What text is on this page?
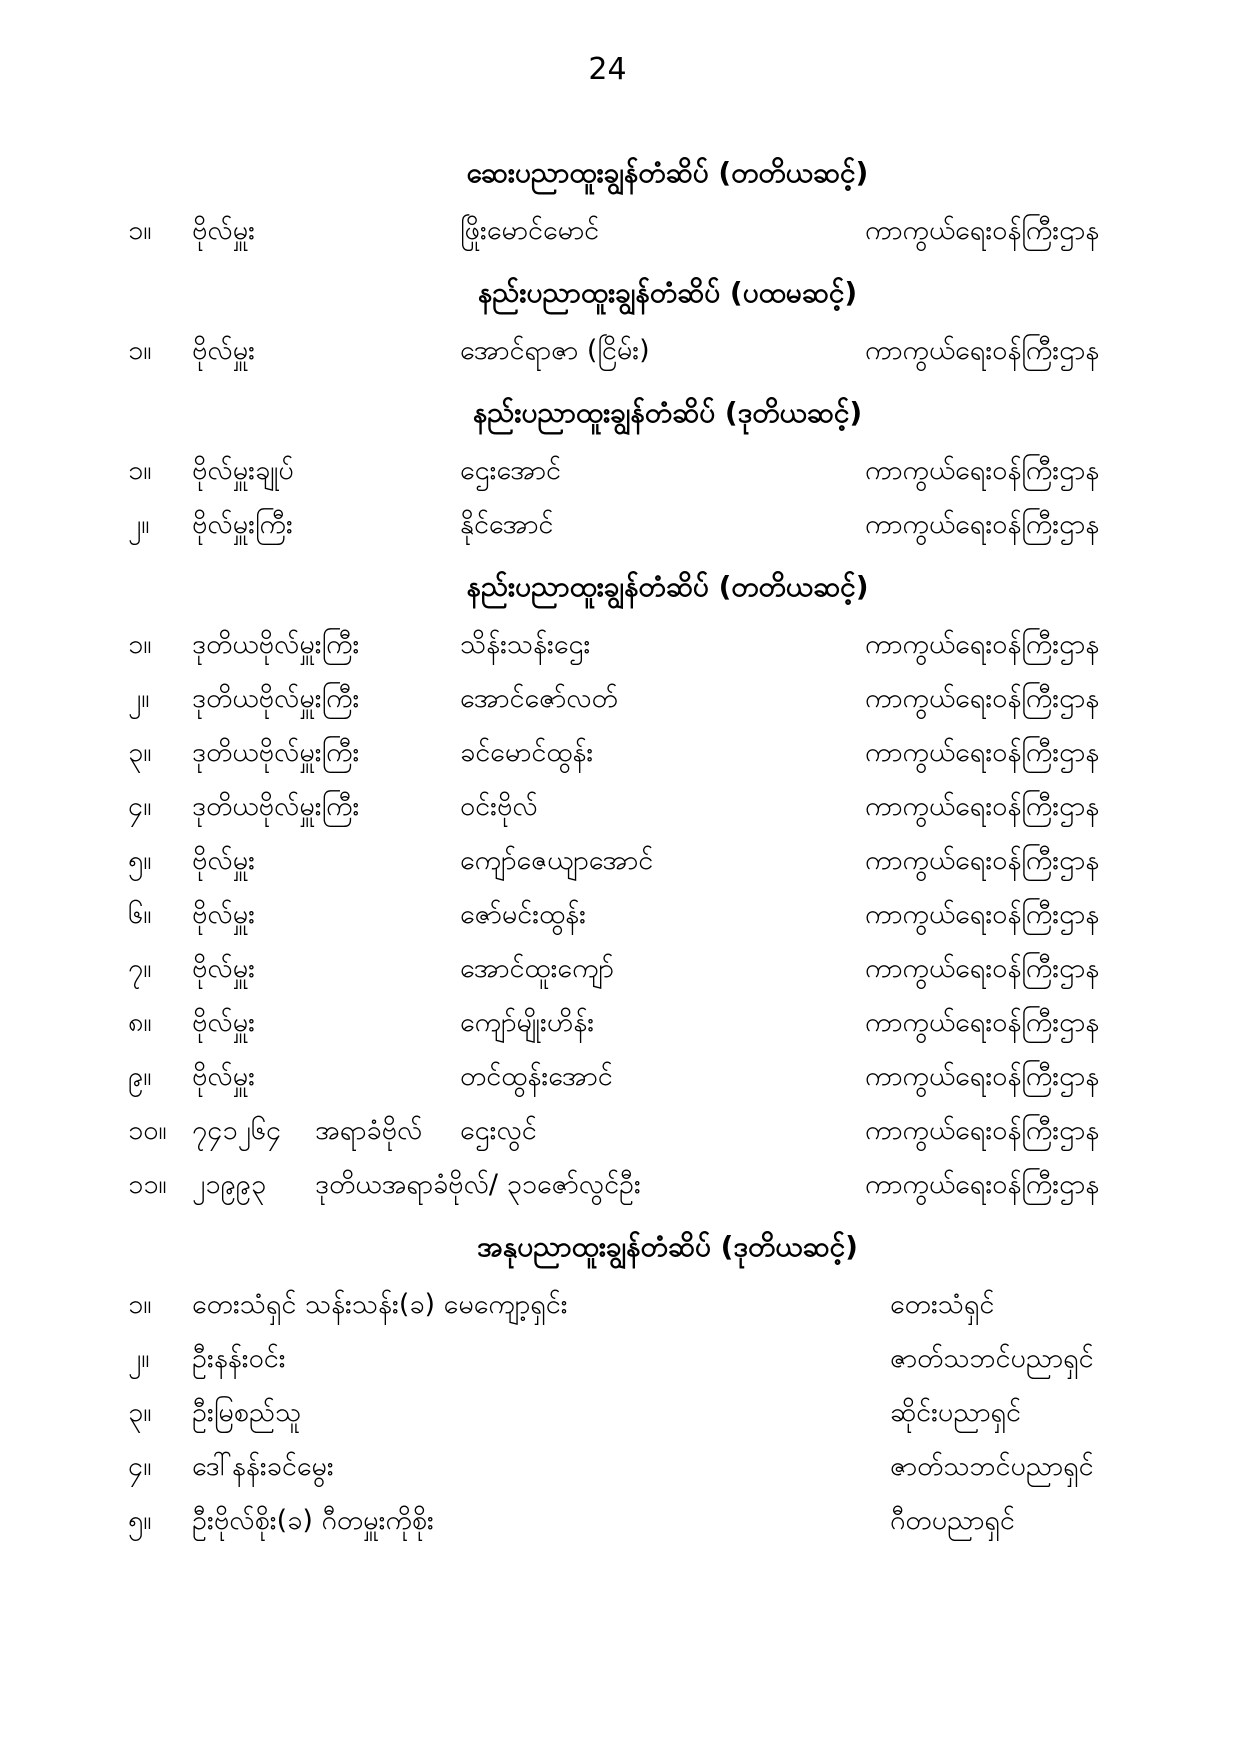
24
ဆေးပညာထူးချွန်တံဆိပ် (တတိယဆင့်)
၁။ ဗိုလ်မှူး	ဖြိုးမောင်မောင်	ကာကွယ်ရေးဝန်ကြီးဌာန
နည်းပညာထူးချွန်တံဆိပ် (ပထမဆင့်)
၁။ ဗိုလ်မှူး	အောင်ရာဇာ (ငြိမ်း)	ကာကွယ်ရေးဝန်ကြီးဌာန
နည်းပညာထူးချွန်တံဆိပ် (ဒုတိယဆင့်)
၁။ ဗိုလ်မှူးချုပ်	ဌေးအောင်	ကာကွယ်ရေးဝန်ကြီးဌာန
၂။ ဗိုလ်မှူးကြီး	နိုင်အောင်	ကာကွယ်ရေးဝန်ကြီးဌာန
နည်းပညာထူးချွန်တံဆိပ် (တတိယဆင့်)
၁။ ဒုတိယဗိုလ်မှူးကြီး	သိန်းသန်းဌေး	ကာကွယ်ရေးဝန်ကြီးဌာန
၂။ ဒုတိယဗိုလ်မှူးကြီး	အောင်ဇော်လတ်	ကာကွယ်ရေးဝန်ကြီးဌာန
၃။ ဒုတိယဗိုလ်မှူးကြီး	ခင်မောင်ထွန်း	ကာကွယ်ရေးဝန်ကြီးဌာန
၄။ ဒုတိယဗိုလ်မှူးကြီး	ဝင်းဗိုလ်	ကာကွယ်ရေးဝန်ကြီးဌာန
၅။ ဗိုလ်မှူး	ကျော်ဇေယျာအောင်	ကာကွယ်ရေးဝန်ကြီးဌာန
၆။ ဗိုလ်မှူး	ဇော်မင်းထွန်း	ကာကွယ်ရေးဝန်ကြီးဌာန
၇။ ဗိုလ်မှူး	အောင်ထူးကျော်	ကာကွယ်ရေးဝန်ကြီးဌာန
၈။ ဗိုလ်မှူး	ကျော်မျိုးဟိန်း	ကာကွယ်ရေးဝန်ကြီးဌာန
၉။ ဗိုလ်မှူး	တင်ထွန်းအောင်	ကာကွယ်ရေးဝန်ကြီးဌာန
၁၀။ ၇၄၁၂၆၄ အရာခံဗိုလ် ဌေးလွင်	ကာကွယ်ရေးဝန်ကြီးဌာန
၁၁။ ၂၁၉၉၃ ဒုတိယအရာခံဗိုလ်/ ၃၁ဇော်လွင်ဦး	ကာကွယ်ရေးဝန်ကြီးဌာန
အနုပညာထူးချွန်တံဆိပ် (ဒုတိယဆင့်)
၁။ တေးသံရှင် သန်းသန်း(ခ) မေကျော့ရှင်း	တေးသံရှင်
၂။ ဦးနန်းဝင်း	ဇာတ်သဘင်ပညာရှင်
၃။ ဦးမြစည်သူ	ဆိုင်းပညာရှင်
၄။ ဒေါ်နန်းခင်မွေး	ဇာတ်သဘင်ပညာရှင်
၅။ ဦးဗိုလ်စိုး(ခ) ဂီတမှူးကိုစိုး	ဂီတပညာရှင်
